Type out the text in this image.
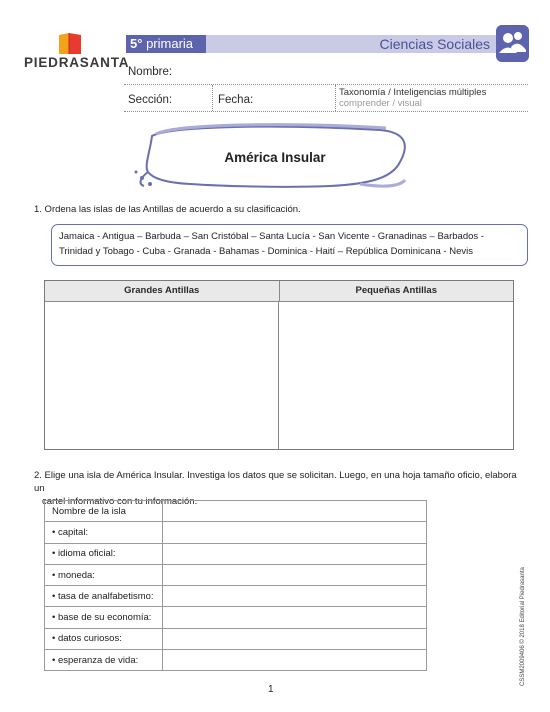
PIEDRASANTA
5° primaria	Ciencias Sociales
Nombre:
Sección:	Fecha:
Taxonomía / Inteligencias múltiples
comprender / visual
América Insular
1. Ordena las islas de las Antillas de acuerdo a su clasificación.
Jamaica - Antigua – Barbuda – San Cristóbal – Santa Lucía - San Vicente - Granadinas – Barbados -
Trinidad y Tobago - Cuba - Granada - Bahamas - Dominica - Haití – República Dominicana - Nevis
Grandes Antillas	Pequeñas Antillas
2. Elige una isla de América Insular. Investiga los datos que se solicitan. Luego, en una hoja tamaño oficio, elabora un
cartel informativo con tu información.
Nombre de la isla	
• capital:	
• idioma oficial:	
• moneda:	
• tasa de analfabetismo:	
• base de su economía:	
• datos curiosos:	
• esperanza de vida:		CSSM2009406 © 2018 Editorial Piedrasanta
1
